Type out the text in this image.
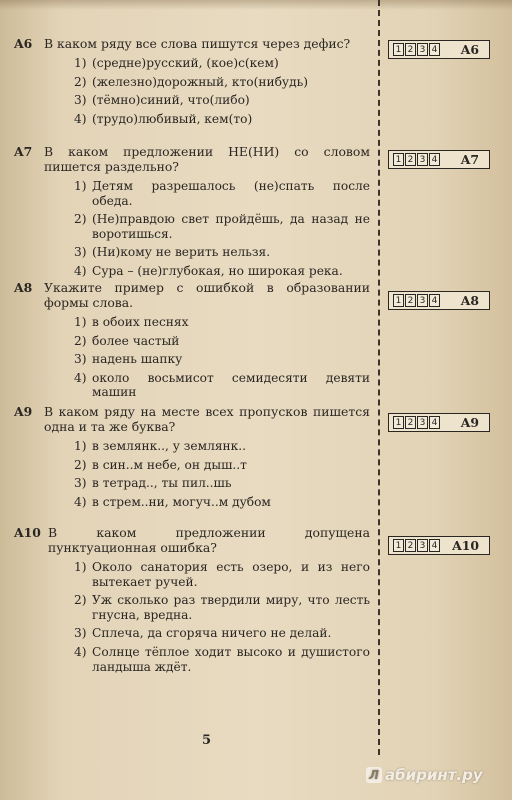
A6 В каком ряду все слова пишутся через дефис?
1) (средне)русский, (кое)с(кем)
2) (железно)дорожный, кто(нибудь)
3) (тёмно)синий, что(либо)
4) (трудо)любивый, кем(то)
1 2 3 4 A6
A7 В каком предложении НЕ(НИ) со словом пишется раздельно?
1) Детям разрешалось (не)спать после обеда.
2) (Не)правдою свет пройдёшь, да назад не воротишься.
3) (Ни)кому не верить нельзя.
4) Сура – (не)глубокая, но широкая река.
1 2 3 4 A7
A8 Укажите пример с ошибкой в образовании формы слова.
1) в обоих песнях
2) более частый
3) надень шапку
4) около восьмисот семидесяти девяти машин
1 2 3 4 A8
A9 В каком ряду на месте всех пропусков пишется одна и та же буква?
1) в землянк.., у землянк..
2) в син..м небе, он дыш..т
3) в тетрад.., ты пил..шь
4) в стрем..ни, могуч..м дубом
1 2 3 4 A9
A10 В каком предложении допущена пунктуационная ошибка?
1) Около санатория есть озеро, и из него вытекает ручей.
2) Уж сколько раз твердили миру, что лесть гнусна, вредна.
3) Сплеча, да сгоряча ничего не делай.
4) Солнце тёплое ходит высоко и душистого ландыша ждёт.
1 2 3 4 A10
5
Л абиринт.ру
